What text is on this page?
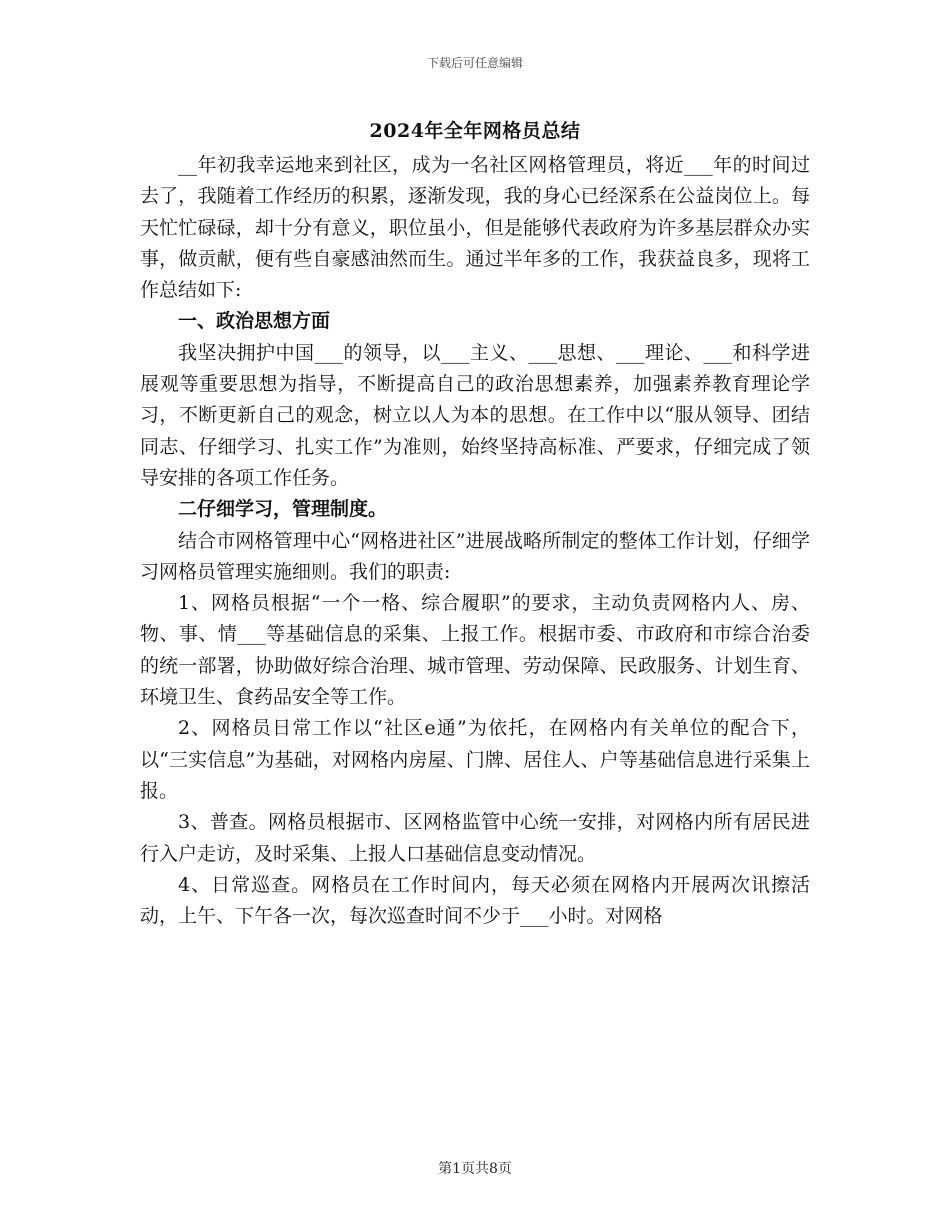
下载后可任意编辑
2024年全年网格员总结

__年初我幸运地来到社区，成为一名社区网格管理员，将近___年的时间过去了，我随着工作经历的积累，逐渐发现，我的身心已经深系在公益岗位上。每天忙忙碌碌，却十分有意义，职位虽小，但是能够代表政府为许多基层群众办实事，做贡献，便有些自豪感油然而生。通过半年多的工作，我获益良多，现将工作总结如下:

一、政治思想方面

我坚决拥护中国___的领导，以___主义、___思想、___理论、___和科学进展观等重要思想为指导，不断提高自己的政治思想素养，加强素养教育理论学习，不断更新自己的观念，树立以人为本的思想。在工作中以“服从领导、团结同志、仔细学习、扎实工作”为准则，始终坚持高标准、严要求，仔细完成了领导安排的各项工作任务。

二仔细学习，管理制度。

结合市网格管理中心“网格进社区”进展战略所制定的整体工作计划，仔细学习网格员管理实施细则。我们的职责:

1、网格员根据“一个一格、综合履职”的要求，主动负责网格内人、房、物、事、情___等基础信息的采集、上报工作。根据市委、市政府和市综合治委的统一部署，协助做好综合治理、城市管理、劳动保障、民政服务、计划生育、环境卫生、食药品安全等工作。

2、网格员日常工作以“社区e通”为依托，在网格内有关单位的配合下，以“三实信息”为基础，对网格内房屋、门牌、居住人、户等基础信息进行采集上报。

3、普查。网格员根据市、区网格监管中心统一安排，对网格内所有居民进行入户走访，及时采集、上报人口基础信息变动情况。

4、日常巡查。网格员在工作时间内，每天必须在网格内开展两次讯擦活动，上午、下午各一次，每次巡查时间不少于___小时。对网格

第1页共8页
